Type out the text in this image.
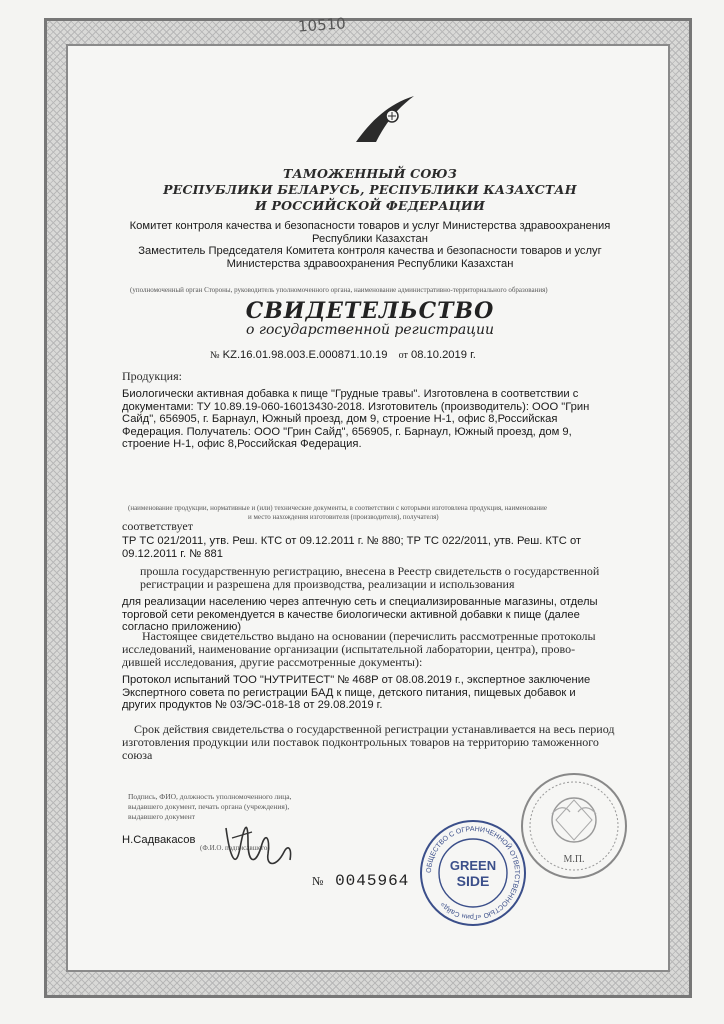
10510
ТАМОЖЕННЫЙ СОЮЗ
РЕСПУБЛИКИ БЕЛАРУСЬ, РЕСПУБЛИКИ КАЗАХСТАН
И РОССИЙСКОЙ ФЕДЕРАЦИИ
Комитет контроля качества и безопасности товаров и услуг Министерства здравоохранения
Республики Казахстан
Заместитель Председателя Комитета контроля качества и безопасности товаров и услуг
Министерства здравоохранения Республики Казахстан
(уполномоченный орган Стороны, руководитель уполномоченного органа, наименование административно-территориального образования)
СВИДЕТЕЛЬСТВО
о государственной регистрации
№ KZ.16.01.98.003.E.000871.10.19 от 08.10.2019 г.
Продукция:
Биологически активная добавка к пище "Грудные травы". Изготовлена в соответствии с
документами: ТУ 10.89.19-060-16013430-2018. Изготовитель (производитель): ООО "Грин
Сайд", 656905, г. Барнаул, Южный проезд, дом 9, строение Н-1, офис 8,Российская
Федерация. Получатель: ООО "Грин Сайд", 656905, г. Барнаул, Южный проезд, дом 9,
строение Н-1, офис 8,Российская Федерация.
(наименование продукции, нормативные и (или) технические документы, в соответствии с которыми изготовлена продукция, наименование
и место нахождения изготовителя (производителя), получателя)
соответствует
ТР ТС 021/2011, утв. Реш. КТС от 09.12.2011 г. № 880; ТР ТС 022/2011, утв. Реш. КТС от
09.12.2011 г. № 881
прошла государственную регистрацию, внесена в Реестр свидетельств о государственной
регистрации и разрешена для производства, реализации и использования
для реализации населению через аптечную сеть и специализированные магазины, отделы
торговой сети рекомендуется в качестве биологически активной добавки к пище (далее
согласно приложению)
Настоящее свидетельство выдано на основании (перечислить рассмотренные протоколы
исследований, наименование организации (испытательной лаборатории, центра), прово-
дившей исследования, другие рассмотренные документы):
Протокол испытаний ТОО "НУТРИТЕСТ" № 468Р от 08.08.2019 г., экспертное заключение
Экспертного совета по регистрации БАД к пище, детского питания, пищевых добавок и
других продуктов № 03/ЭС-018-18 от 29.08.2019 г.
Срок действия свидетельства о государственной регистрации устанавливается на весь период
изготовления продукции или поставок подконтрольных товаров на территорию таможенного
союза
Подпись, ФИО, должность уполномоченного лица,
выдавшего документ, печать органа (учреждения),
выдавшего документ
Н.Садвакасов
(Ф.И.О. подписавшего)
№ 0045964
М.П.
ОБЩЕСТВО С ОГРАНИЧЕННОЙ ОТВЕТСТВЕННОСТЬЮ «Грин Сайд»
GREEN
SIDE
